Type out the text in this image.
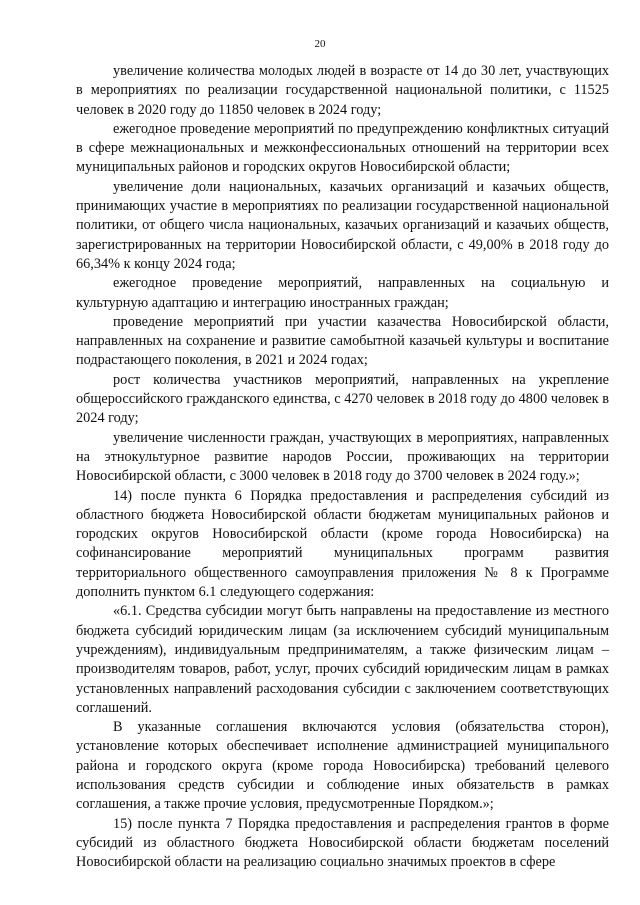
20

увеличение количества молодых людей в возрасте от 14 до 30 лет, участвующих в мероприятиях по реализации государственной национальной политики, с 11525 человек в 2020 году до 11850 человек в 2024 году;

ежегодное проведение мероприятий по предупреждению конфликтных ситуаций в сфере межнациональных и межконфессиональных отношений на территории всех муниципальных районов и городских округов Новосибирской области;

увеличение доли национальных, казачьих организаций и казачьих обществ, принимающих участие в мероприятиях по реализации государственной национальной политики, от общего числа национальных, казачьих организаций и казачьих обществ, зарегистрированных на территории Новосибирской области, с 49,00% в 2018 году до 66,34% к концу 2024 года;

ежегодное проведение мероприятий, направленных на социальную и культурную адаптацию и интеграцию иностранных граждан;

проведение мероприятий при участии казачества Новосибирской области, направленных на сохранение и развитие самобытной казачьей культуры и воспитание подрастающего поколения, в 2021 и 2024 годах;

рост количества участников мероприятий, направленных на укрепление общероссийского гражданского единства, с 4270 человек в 2018 году до 4800 человек в 2024 году;

увеличение численности граждан, участвующих в мероприятиях, направленных на этнокультурное развитие народов России, проживающих на территории Новосибирской области, с 3000 человек в 2018 году до 3700 человек в 2024 году.»;

14) после пункта 6 Порядка предоставления и распределения субсидий из областного бюджета Новосибирской области бюджетам муниципальных районов и городских округов Новосибирской области (кроме города Новосибирска) на софинансирование мероприятий муниципальных программ развития территориального общественного самоуправления приложения № 8 к Программе дополнить пунктом 6.1 следующего содержания:

«6.1. Средства субсидии могут быть направлены на предоставление из местного бюджета субсидий юридическим лицам (за исключением субсидий муниципальным учреждениям), индивидуальным предпринимателям, а также физическим лицам – производителям товаров, работ, услуг, прочих субсидий юридическим лицам в рамках установленных направлений расходования субсидии с заключением соответствующих соглашений.

В указанные соглашения включаются условия (обязательства сторон), установление которых обеспечивает исполнение администрацией муниципального района и городского округа (кроме города Новосибирска) требований целевого использования средств субсидии и соблюдение иных обязательств в рамках соглашения, а также прочие условия, предусмотренные Порядком.»;

15) после пункта 7 Порядка предоставления и распределения грантов в форме субсидий из областного бюджета Новосибирской области бюджетам поселений Новосибирской области на реализацию социально значимых проектов в сфере
